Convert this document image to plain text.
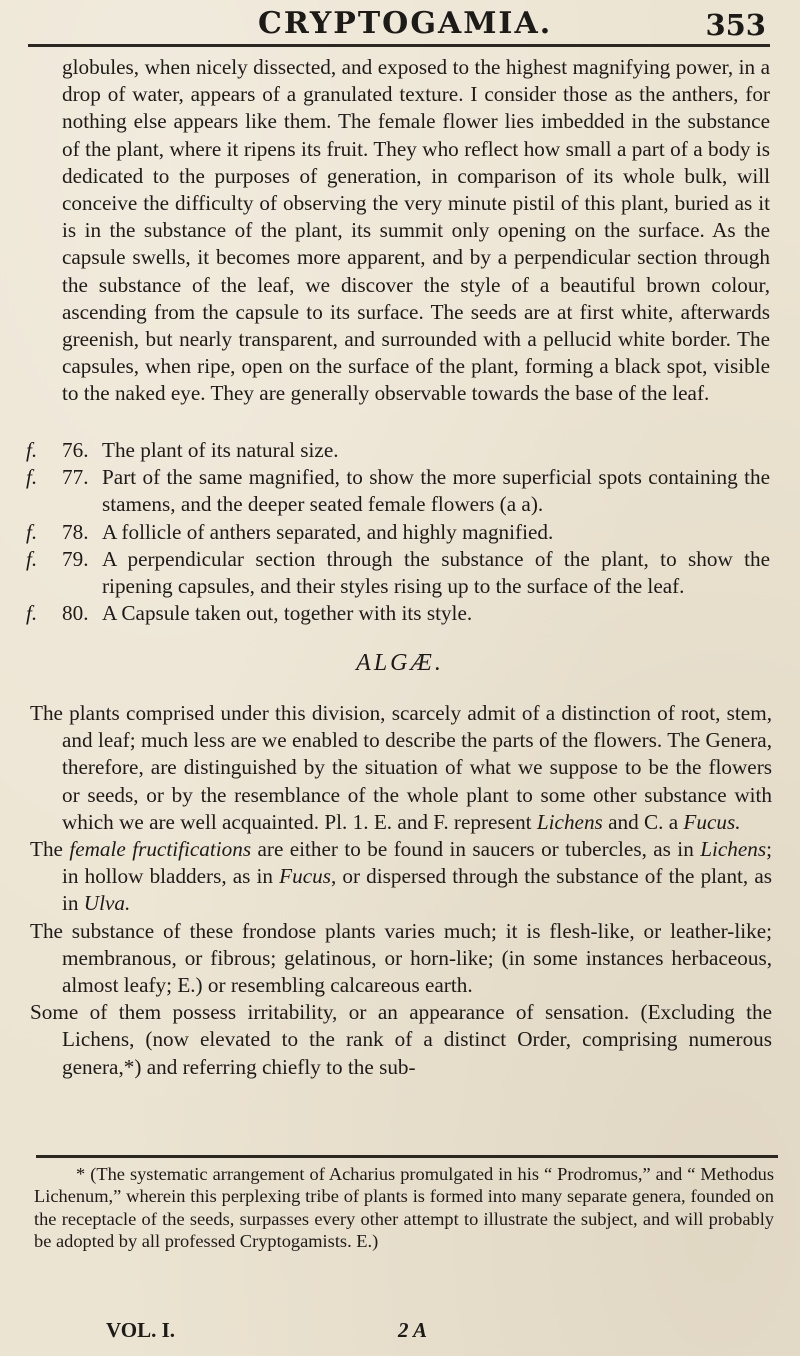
CRYPTOGAMIA.	353

globules, when nicely dissected, and exposed to the highest magnifying power, in a drop of water, appears of a granulated texture. I consider those as the anthers, for nothing else appears like them. The female flower lies imbedded in the substance of the plant, where it ripens its fruit. They who reflect how small a part of a body is dedicated to the purposes of generation, in comparison of its whole bulk, will conceive the difficulty of observing the very minute pistil of this plant, buried as it is in the substance of the plant, its summit only opening on the surface. As the capsule swells, it becomes more apparent, and by a perpendicular section through the substance of the leaf, we discover the style of a beautiful brown colour, ascending from the capsule to its surface. The seeds are at first white, afterwards greenish, but nearly transparent, and surrounded with a pellucid white border. The capsules, when ripe, open on the surface of the plant, forming a black spot, visible to the naked eye. They are generally observable towards the base of the leaf.

f.	76. The plant of its natural size.
f.	77. Part of the same magnified, to show the more superficial spots containing the stamens, and the deeper seated female flowers (a a).
f.	78. A follicle of anthers separated, and highly magnified.
f.	79. A perpendicular section through the substance of the plant, to show the ripening capsules, and their styles rising up to the surface of the leaf.
f.	80. A Capsule taken out, together with its style.
ALGÆ.

The plants comprised under this division, scarcely admit of a distinction of root, stem, and leaf; much less are we enabled to describe the parts of the flowers. The Genera, therefore, are distinguished by the situation of what we suppose to be the flowers or seeds, or by the resemblance of the whole plant to some other substance with which we are well acquainted. Pl. 1. E. and F. represent Lichens and C. a Fucus.

The female fructifications are either to be found in saucers or tubercles, as in Lichens; in hollow bladders, as in Fucus, or dispersed through the substance of the plant, as in Ulva.

The substance of these frondose plants varies much; it is flesh-like, or leather-like; membranous, or fibrous; gelatinous, or horn-like; (in some instances herbaceous, almost leafy; E.) or resembling calcareous earth.

Some of them possess irritability, or an appearance of sensation. (Excluding the Lichens, (now elevated to the rank of a distinct Order, comprising numerous genera,*) and referring chiefly to the sub-

* (The systematic arrangement of Acharius promulgated in his “ Prodromus,” and “ Methodus Lichenum,” wherein this perplexing tribe of plants is formed into many separate genera, founded on the receptacle of the seeds, surpasses every other attempt to illustrate the subject, and will probably be adopted by all professed Cryptogamists. E.)

VOL. I.	2 A
